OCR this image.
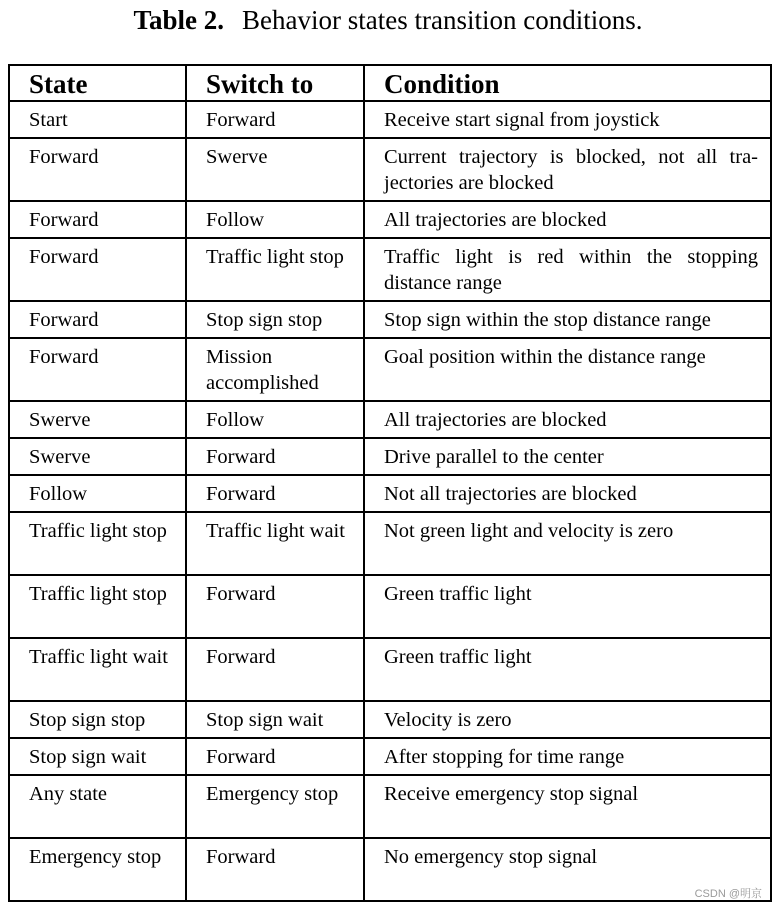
Table 2. Behavior states transition conditions.
State	Switch to	Condition
Start	Forward	Receive start signal from joystick
Forward	Swerve	Current trajectory is blocked, not all tra-jectories are blocked
Forward	Follow	All trajectories are blocked
Forward	Traffic light stop	Traffic light is red within the stopping distance range
Forward	Stop sign stop	Stop sign within the stop distance range
Forward	Mission accomplished	Goal position within the distance range
Swerve	Follow	All trajectories are blocked
Swerve	Forward	Drive parallel to the center
Follow	Forward	Not all trajectories are blocked
Traffic light stop	Traffic light wait	Not green light and velocity is zero
Traffic light stop	Forward	Green traffic light
Traffic light wait	Forward	Green traffic light
Stop sign stop	Stop sign wait	Velocity is zero
Stop sign wait	Forward	After stopping for time range
Any state	Emergency stop	Receive emergency stop signal
Emergency stop	Forward	No emergency stop signal
CSDN @明京
